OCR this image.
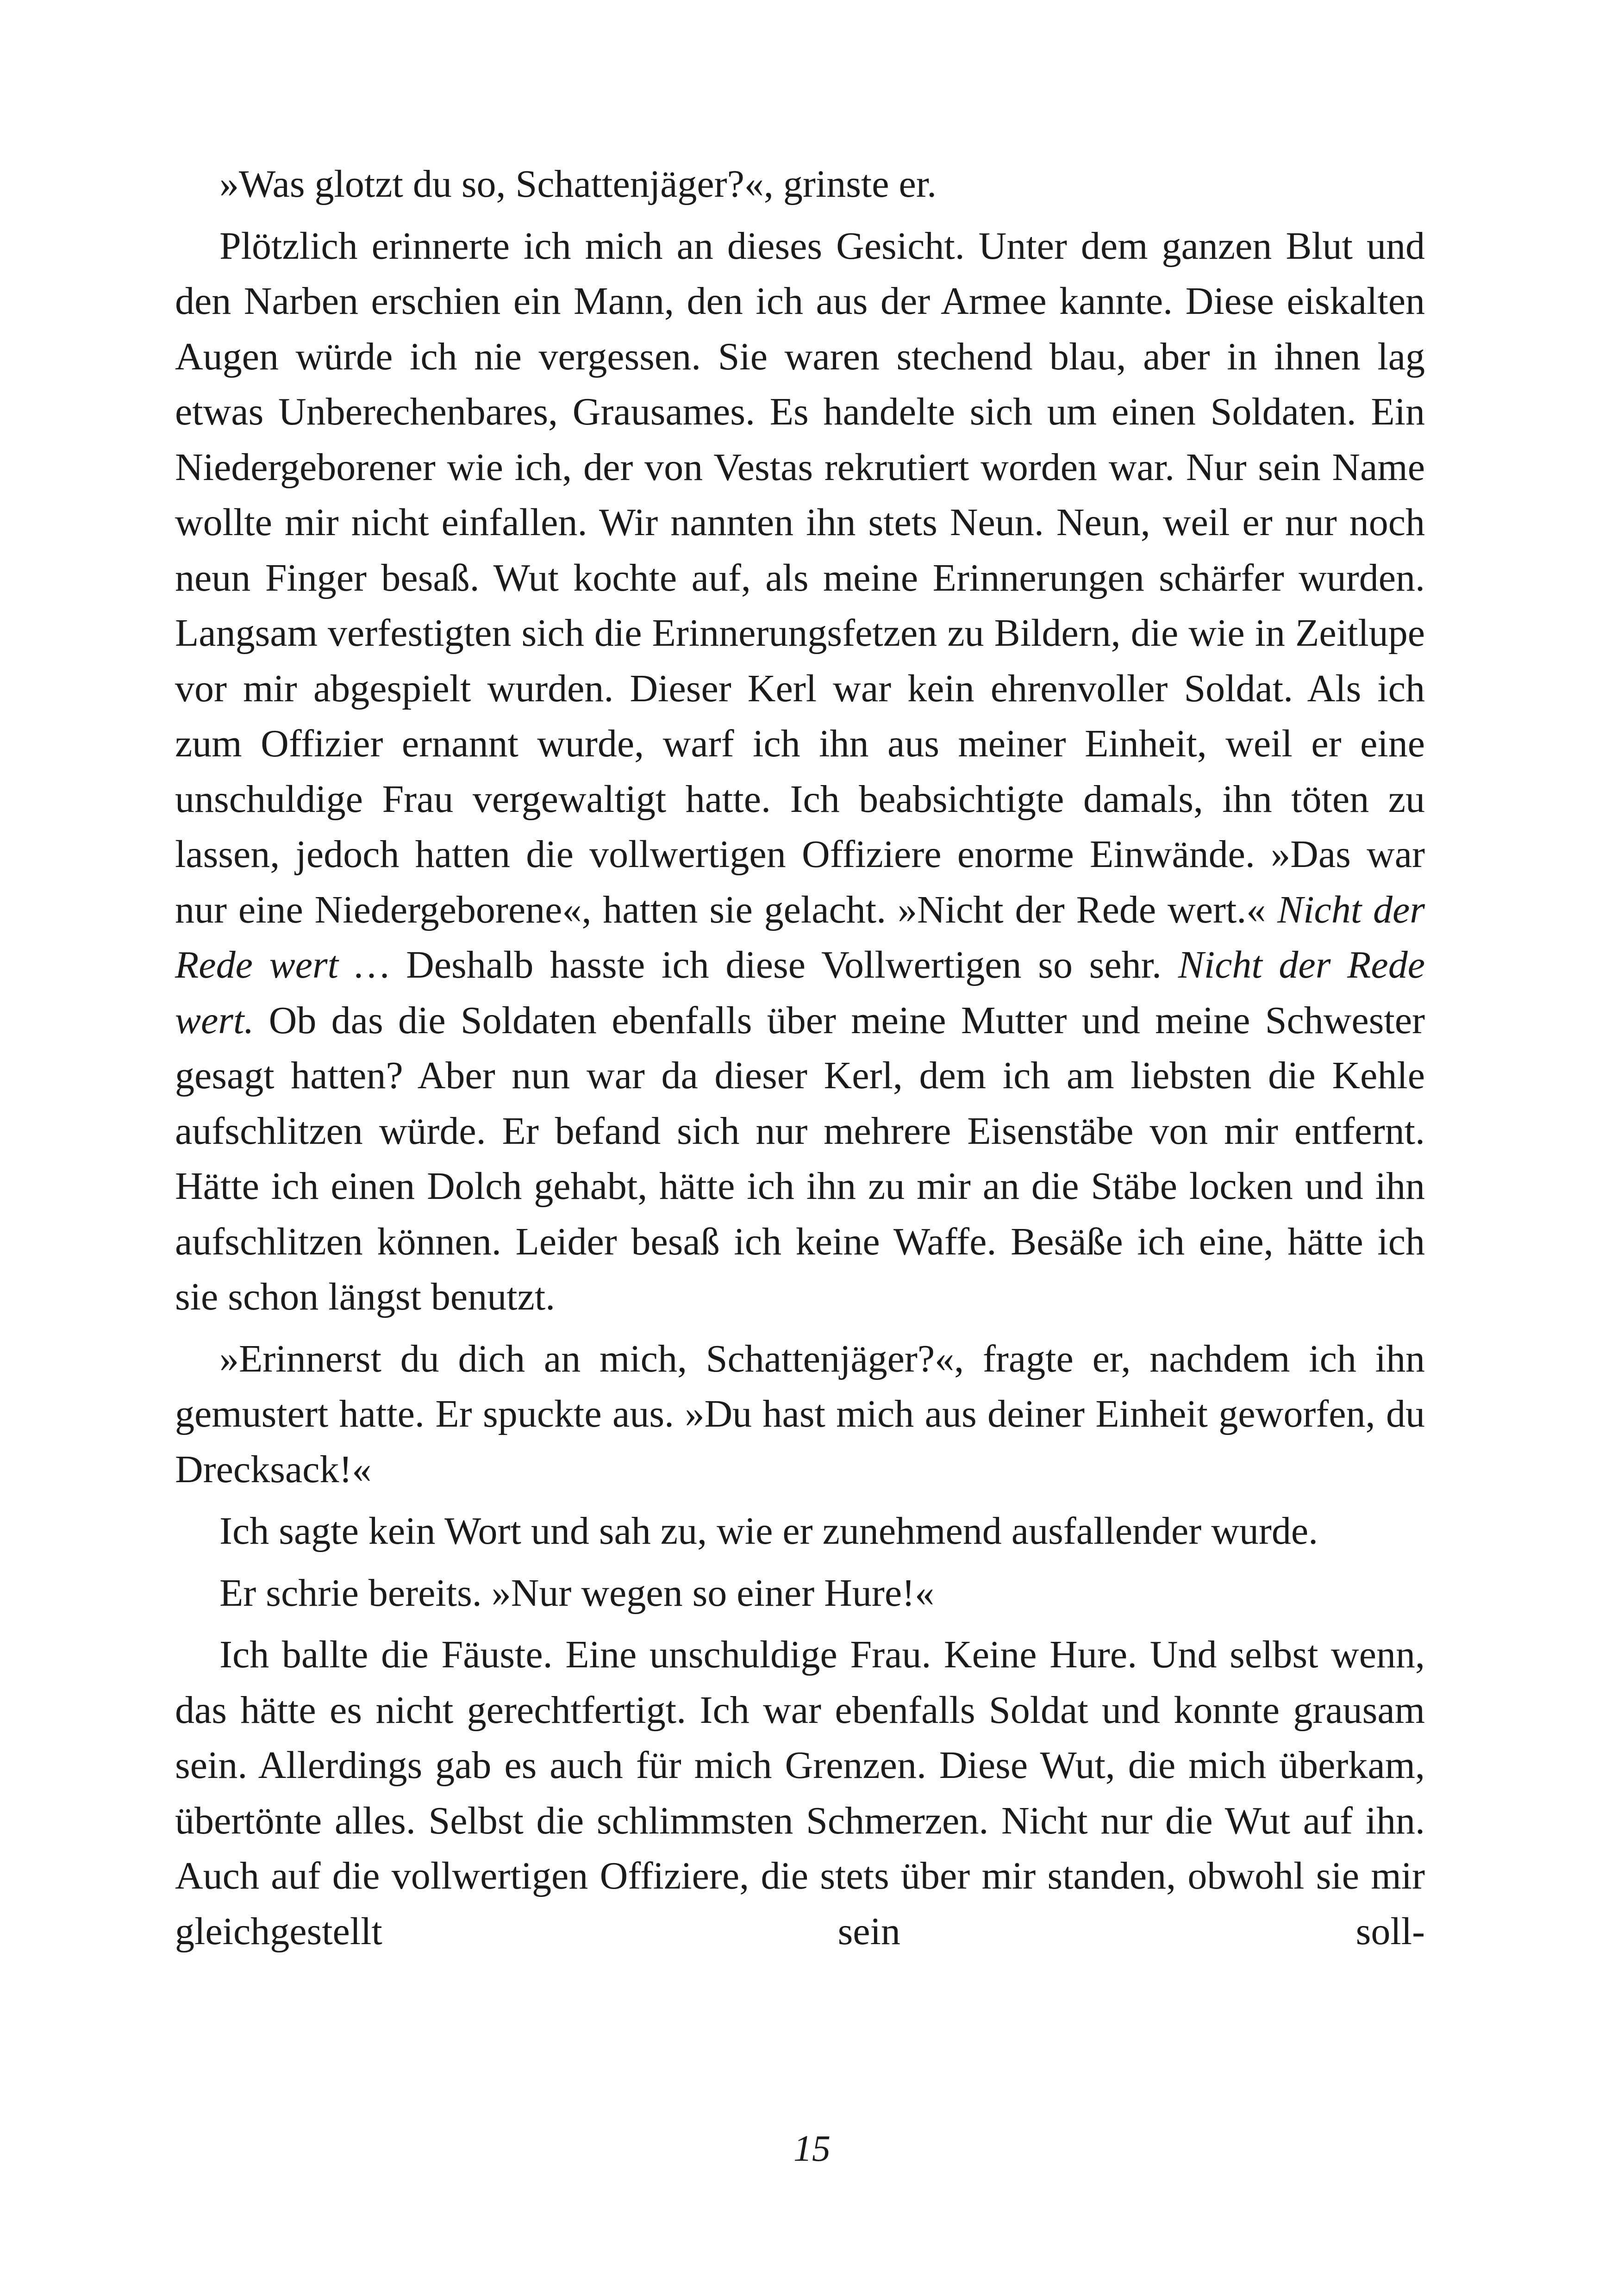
»Was glotzt du so, Schattenjäger?«, grinste er.

Plötzlich erinnerte ich mich an dieses Gesicht. Unter dem ganzen Blut und den Narben erschien ein Mann, den ich aus der Armee kannte. Diese eiskalten Augen würde ich nie vergessen. Sie waren stechend blau, aber in ihnen lag etwas Unberechenbares, Grausames. Es handelte sich um einen Soldaten. Ein Niedergeborener wie ich, der von Vestas rekrutiert worden war. Nur sein Name wollte mir nicht einfallen. Wir nannten ihn stets Neun. Neun, weil er nur noch neun Finger besaß. Wut kochte auf, als meine Erinnerungen schärfer wurden. Langsam verfestigten sich die Erinnerungsfetzen zu Bildern, die wie in Zeitlupe vor mir abgespielt wurden. Dieser Kerl war kein ehrenvoller Soldat. Als ich zum Offizier ernannt wurde, warf ich ihn aus meiner Einheit, weil er eine unschuldige Frau vergewaltigt hatte. Ich beabsichtigte damals, ihn töten zu lassen, jedoch hatten die vollwertigen Offiziere enorme Einwände. »Das war nur eine Niedergeborene«, hatten sie gelacht. »Nicht der Rede wert.« Nicht der Rede wert … Deshalb hasste ich diese Vollwertigen so sehr. Nicht der Rede wert. Ob das die Soldaten ebenfalls über meine Mutter und meine Schwester gesagt hatten? Aber nun war da dieser Kerl, dem ich am liebsten die Kehle aufschlitzen würde. Er befand sich nur mehrere Eisenstäbe von mir entfernt. Hätte ich einen Dolch gehabt, hätte ich ihn zu mir an die Stäbe locken und ihn aufschlitzen können. Leider besaß ich keine Waffe. Besäße ich eine, hätte ich sie schon längst benutzt.

»Erinnerst du dich an mich, Schattenjäger?«, fragte er, nachdem ich ihn gemustert hatte. Er spuckte aus. »Du hast mich aus deiner Einheit geworfen, du Drecksack!«

Ich sagte kein Wort und sah zu, wie er zunehmend ausfallender wurde.

Er schrie bereits. »Nur wegen so einer Hure!«

Ich ballte die Fäuste. Eine unschuldige Frau. Keine Hure. Und selbst wenn, das hätte es nicht gerechtfertigt. Ich war ebenfalls Soldat und konnte grausam sein. Allerdings gab es auch für mich Grenzen. Diese Wut, die mich überkam, übertönte alles. Selbst die schlimmsten Schmerzen. Nicht nur die Wut auf ihn. Auch auf die vollwertigen Offiziere, die stets über mir standen, obwohl sie mir gleichgestellt sein soll-

15
